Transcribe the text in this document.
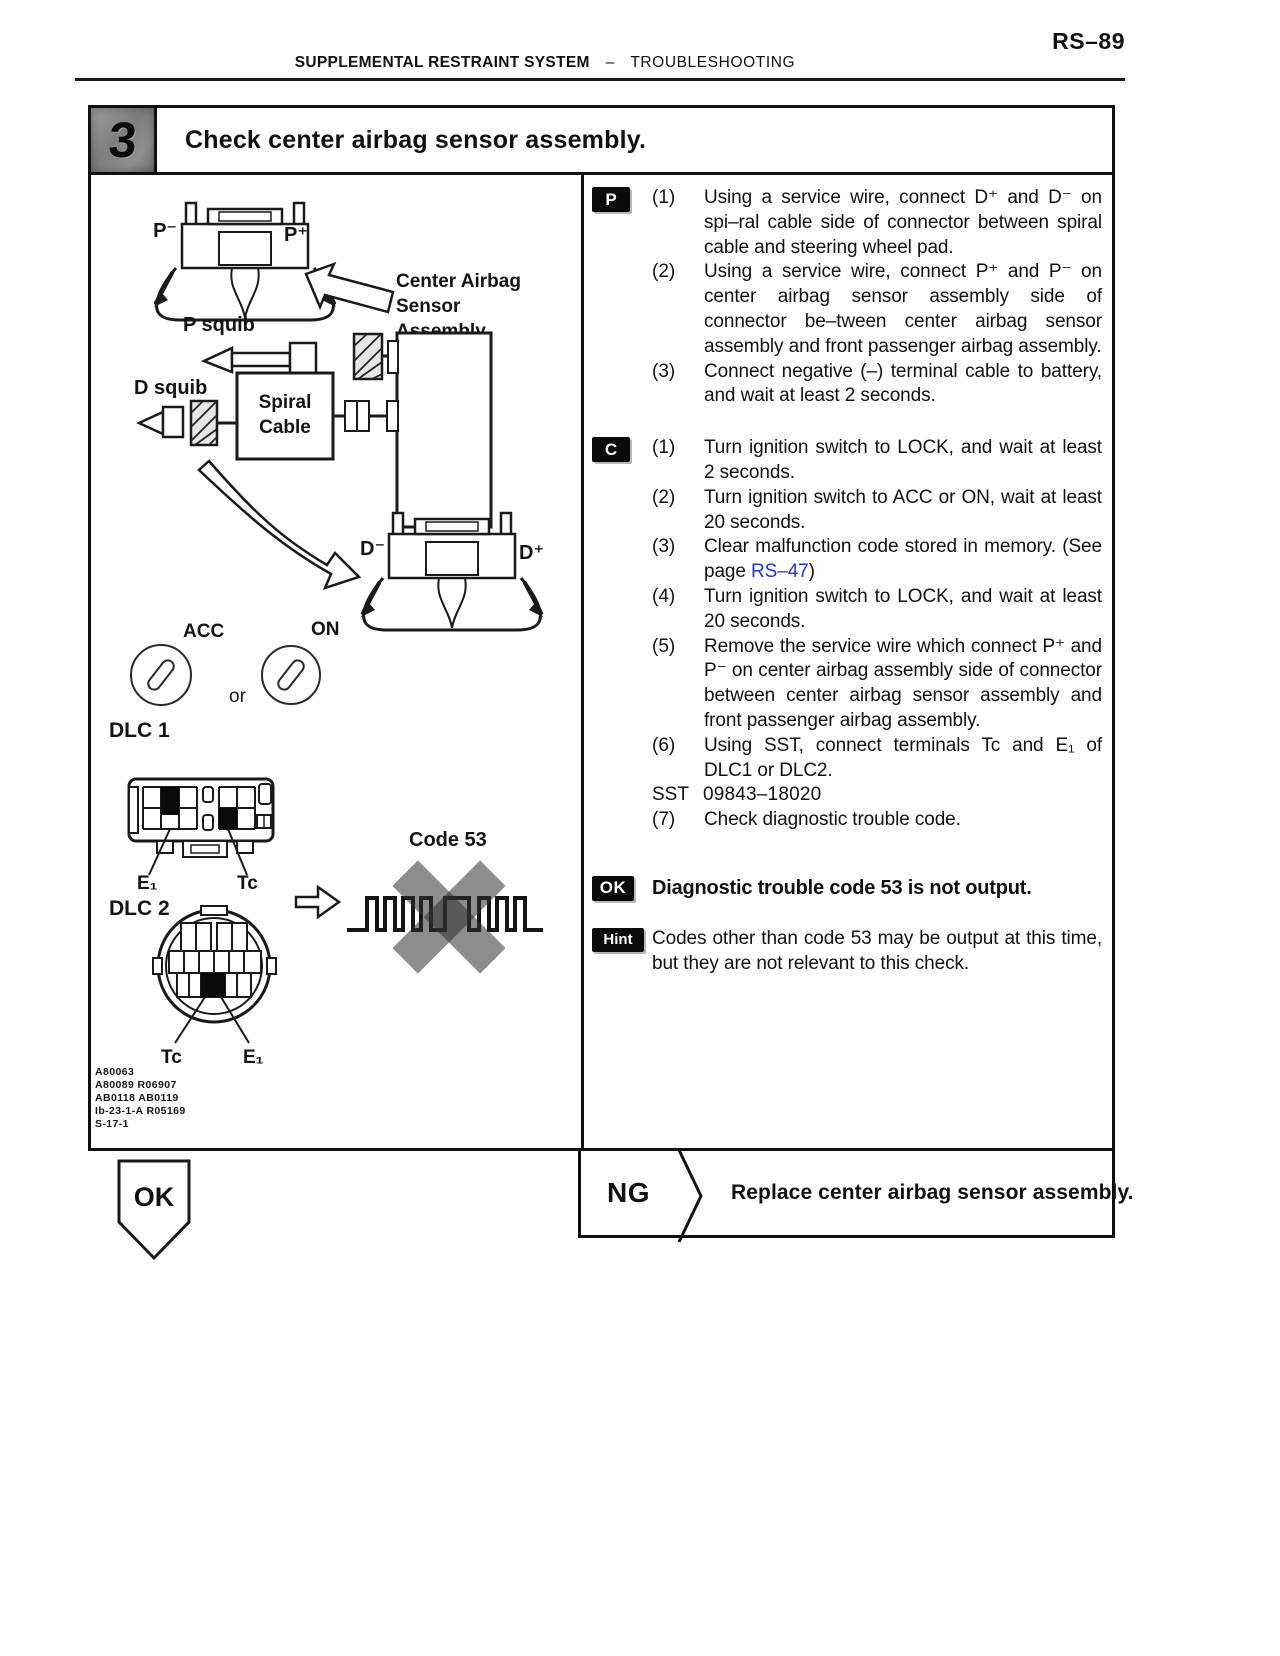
RS–89
SUPPLEMENTAL RESTRAINT SYSTEM – TROUBLESHOOTING
3 Check center airbag sensor assembly.
P⁻	P⁺
Center Airbag
Sensor
P squib
D squib
Spiral
Cable
D⁻	D⁺
ACC	ON
or
DLC 1
E₁	Tc
DLC 2
Tc	E₁
Code 53
A80063
A80089 R06907
AB0118 AB0119
Ib-23-1-A R05169
S-17-1
P	(1)	Using a service wire, connect D⁺ and D⁻ on spi–ral cable side of connector between spiral cable and steering wheel pad.
(2)	Using a service wire, connect P⁺ and P⁻ on center airbag sensor assembly side of connector be–tween center airbag sensor assembly and front passenger airbag assembly.
(3)	Connect negative (–) terminal cable to battery, and wait at least 2 seconds.
C	(1)	Turn ignition switch to LOCK, and wait at least 2 seconds.
(2)	Turn ignition switch to ACC or ON, wait at least 20 seconds.
(3)	Clear malfunction code stored in memory. (See page RS–47)
(4)	Turn ignition switch to LOCK, and wait at least 20 seconds.
(5)	Remove the service wire which connect P⁺ and P⁻ on center airbag assembly side of connector between center airbag sensor assembly and front passenger airbag assembly.
(6)	Using SST, connect terminals Tc and E₁ of DLC1 or DLC2.
SST 09843–18020
(7)	Check diagnostic trouble code.
OK	Diagnostic trouble code 53 is not output.
Hint	Codes other than code 53 may be output at this time, but they are not relevant to this check.
OK	NG	Replace center airbag sensor assembly.
